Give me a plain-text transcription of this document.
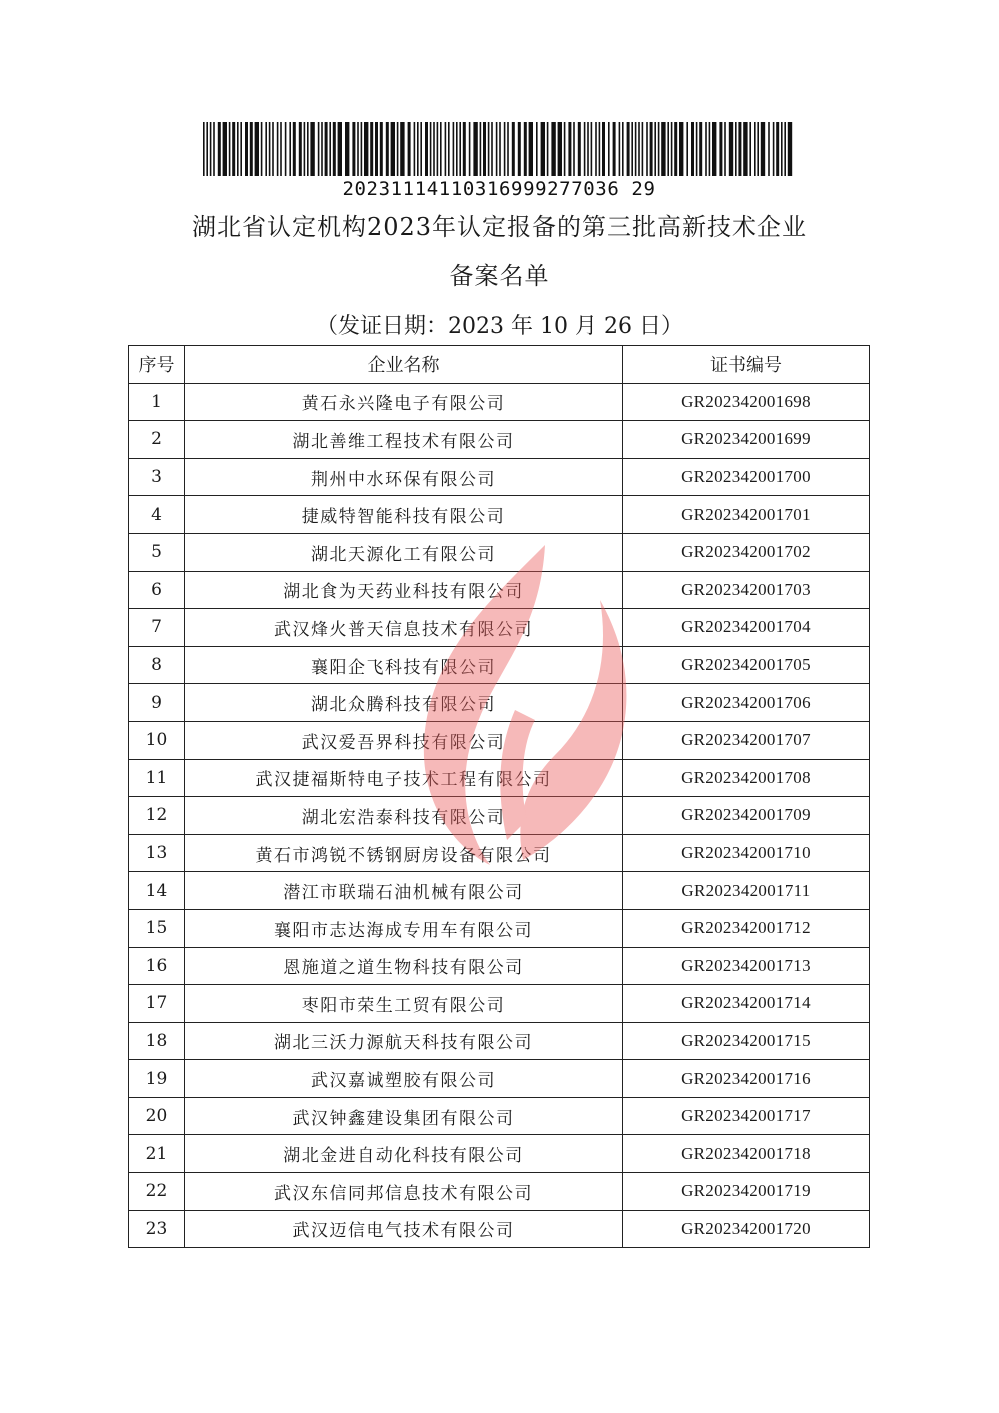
20231114110316999277036 29
湖北省认定机构2023年认定报备的第三批高新技术企业
备案名单
（发证日期：2023 年 10 月 26 日）
序号	企业名称	证书编号
1	黄石永兴隆电子有限公司	GR202342001698
2	湖北善维工程技术有限公司	GR202342001699
3	荆州中水环保有限公司	GR202342001700
4	捷威特智能科技有限公司	GR202342001701
5	湖北天源化工有限公司	GR202342001702
6	湖北食为天药业科技有限公司	GR202342001703
7	武汉烽火普天信息技术有限公司	GR202342001704
8	襄阳企飞科技有限公司	GR202342001705
9	湖北众腾科技有限公司	GR202342001706
10	武汉爱吾界科技有限公司	GR202342001707
11	武汉捷福斯特电子技术工程有限公司	GR202342001708
12	湖北宏浩泰科技有限公司	GR202342001709
13	黄石市鸿锐不锈钢厨房设备有限公司	GR202342001710
14	潜江市联瑞石油机械有限公司	GR202342001711
15	襄阳市志达海成专用车有限公司	GR202342001712
16	恩施道之道生物科技有限公司	GR202342001713
17	枣阳市荣生工贸有限公司	GR202342001714
18	湖北三沃力源航天科技有限公司	GR202342001715
19	武汉嘉诚塑胶有限公司	GR202342001716
20	武汉钟鑫建设集团有限公司	GR202342001717
21	湖北金进自动化科技有限公司	GR202342001718
22	武汉东信同邦信息技术有限公司	GR202342001719
23	武汉迈信电气技术有限公司	GR202342001720
